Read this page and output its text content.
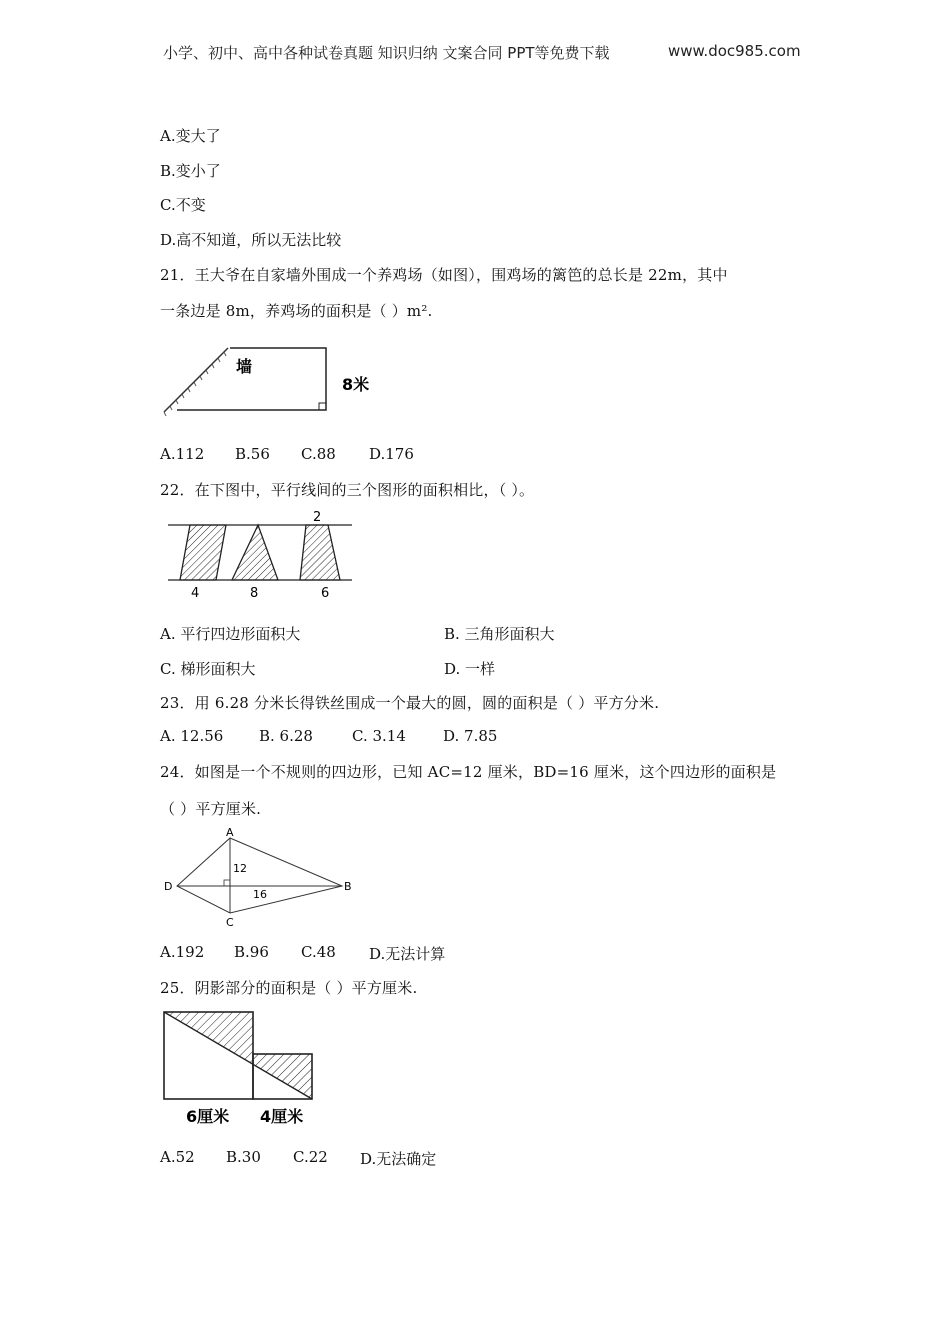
小学、初中、高中各种试卷真题 知识归纳 文案合同 PPT等免费下载	www.doc985.com
A.变大了
B.变小了
C.不变
D.高不知道，所以无法比较
21．王大爷在自家墙外围成一个养鸡场（如图），围鸡场的篱笆的总长是 22m，其中
一条边是 8m，养鸡场的面积是（ ）m².
墙
8米
A.112 B.56 C.88 D.176
22．在下图中，平行线间的三个图形的面积相比，（ ）。
2
4	8	6
A. 平行四边形面积大	B. 三角形面积大
C. 梯形面积大	D. 一样
23．用 6.28 分米长得铁丝围成一个最大的圆，圆的面积是（ ）平方分米.
A. 12.56 B. 6.28	C. 3.14 D. 7.85
24．如图是一个不规则的四边形，已知 AC=12 厘米，BD=16 厘米，这个四边形的面积是
（ ）平方厘米.
A
B
C
D
12
16
A.192 B.96 C.48 D.无法计算
25．阴影部分的面积是（ ）平方厘米.
6厘米 4厘米
A.52 B.30 C.22 D.无法确定
